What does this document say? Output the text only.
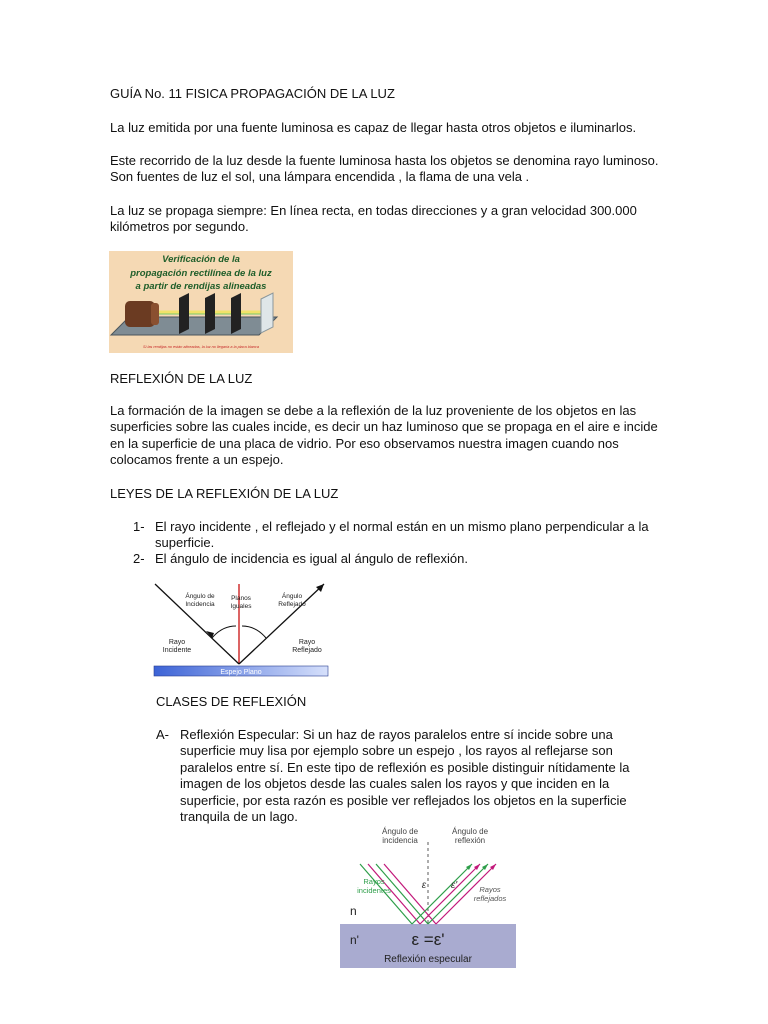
GUÍA No. 11 FISICA PROPAGACIÓN DE LA LUZ
La luz emitida por una fuente luminosa es capaz de llegar hasta otros objetos e iluminarlos.
Este recorrido de la luz desde la fuente luminosa hasta los objetos se denomina rayo luminoso.
Son fuentes de luz el sol, una lámpara encendida , la flama de una vela .
La luz se propaga siempre: En línea recta, en todas direcciones y a gran velocidad 300.000
kilómetros por segundo.
Verificación de la
propagación rectilínea de la luz
a partir de rendijas alineadas
Si las rendijas no están alineadas, la luz no llegaría a la placa blanca
REFLEXIÓN DE LA LUZ
La formación de la imagen se debe a la reflexión de la luz proveniente de los objetos en las
superficies sobre las cuales incide, es decir un haz luminoso que se propaga en el aire e incide
en la superficie de una placa de vidrio. Por eso observamos nuestra imagen cuando nos
colocamos frente a un espejo.
LEYES DE LA REFLEXIÓN DE LA LUZ
1- El rayo incidente , el reflejado y el normal están en un mismo plano perpendicular a la
superficie.
2- El ángulo de incidencia es igual al ángulo de reflexión.
Ángulo de
Incidencia
Planos
Iguales
Ángulo
Reflejado
Rayo
Incidente
Rayo
Reflejado
Espejo Plano
CLASES DE REFLEXIÓN
A- Reflexión Especular: Si un haz de rayos paralelos entre sí incide sobre una
superficie muy lisa por ejemplo sobre un espejo , los rayos al reflejarse son
paralelos entre sí. En este tipo de reflexión es posible distinguir nítidamente la
imagen de los objetos desde las cuales salen los rayos y que inciden en la
superficie, por esta razón es posible ver reflejados los objetos en la superficie
tranquila de un lago.
Ángulo de
incidencia
Ángulo de
reflexión
Rayos
incidentes	Rayos
reflejados
ε ε'
n
n'	ε =ε'
Reflexión especular
